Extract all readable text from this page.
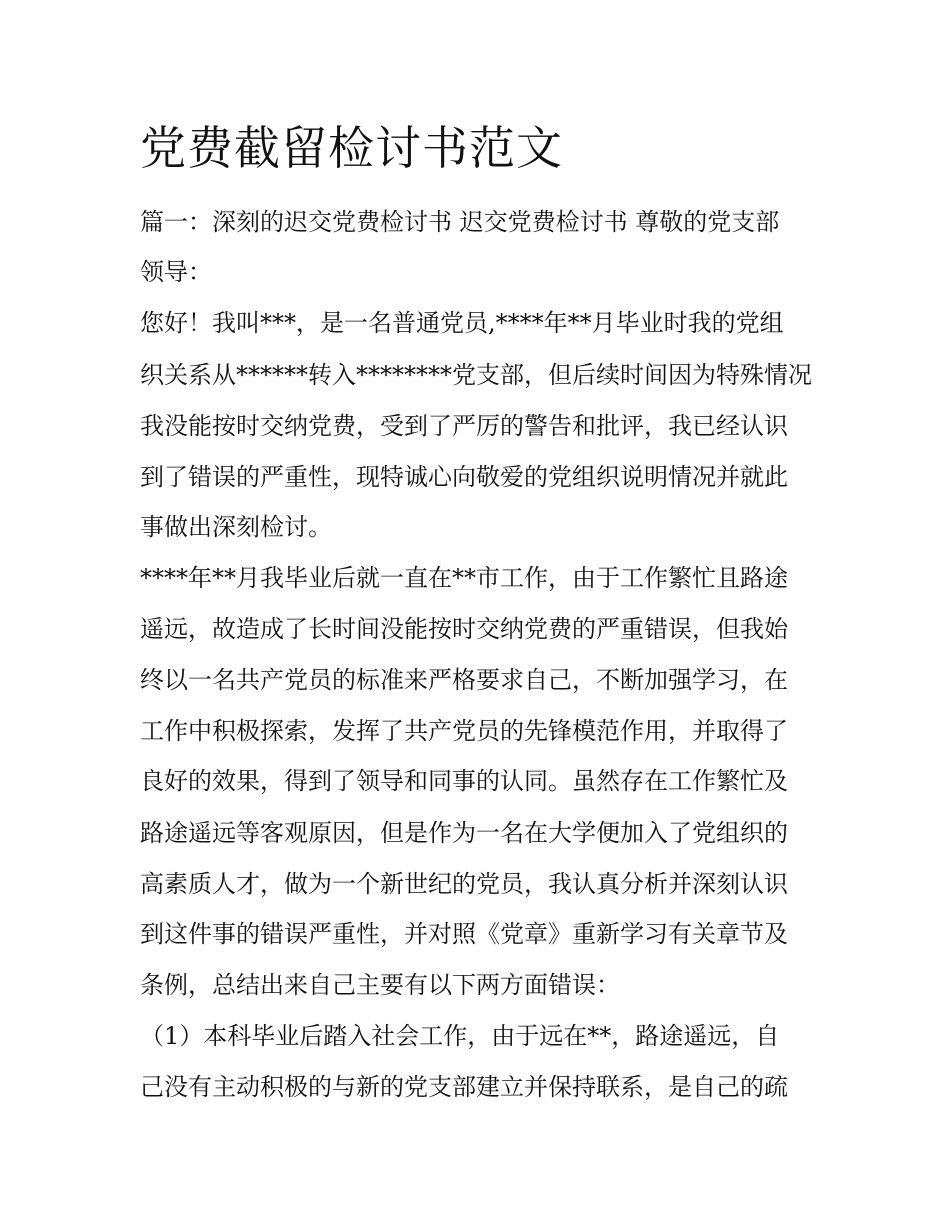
党费截留检讨书范文

篇一：深刻的迟交党费检讨书 迟交党费检讨书 尊敬的党支部

领导：

您好！我叫***，是一名普通党员,****年**月毕业时我的党组

织关系从******转入********党支部，但后续时间因为特殊情况

我没能按时交纳党费，受到了严厉的警告和批评，我已经认识

到了错误的严重性，现特诚心向敬爱的党组织说明情况并就此

事做出深刻检讨。

****年**月我毕业后就一直在**市工作，由于工作繁忙且路途

遥远，故造成了长时间没能按时交纳党费的严重错误，但我始

终以一名共产党员的标准来严格要求自己，不断加强学习，在

工作中积极探索，发挥了共产党员的先锋模范作用，并取得了

良好的效果，得到了领导和同事的认同。虽然存在工作繁忙及

路途遥远等客观原因，但是作为一名在大学便加入了党组织的

高素质人才，做为一个新世纪的党员，我认真分析并深刻认识

到这件事的错误严重性，并对照《党章》重新学习有关章节及

条例，总结出来自己主要有以下两方面错误：

（1）本科毕业后踏入社会工作，由于远在**，路途遥远，自

己没有主动积极的与新的党支部建立并保持联系，是自己的疏
